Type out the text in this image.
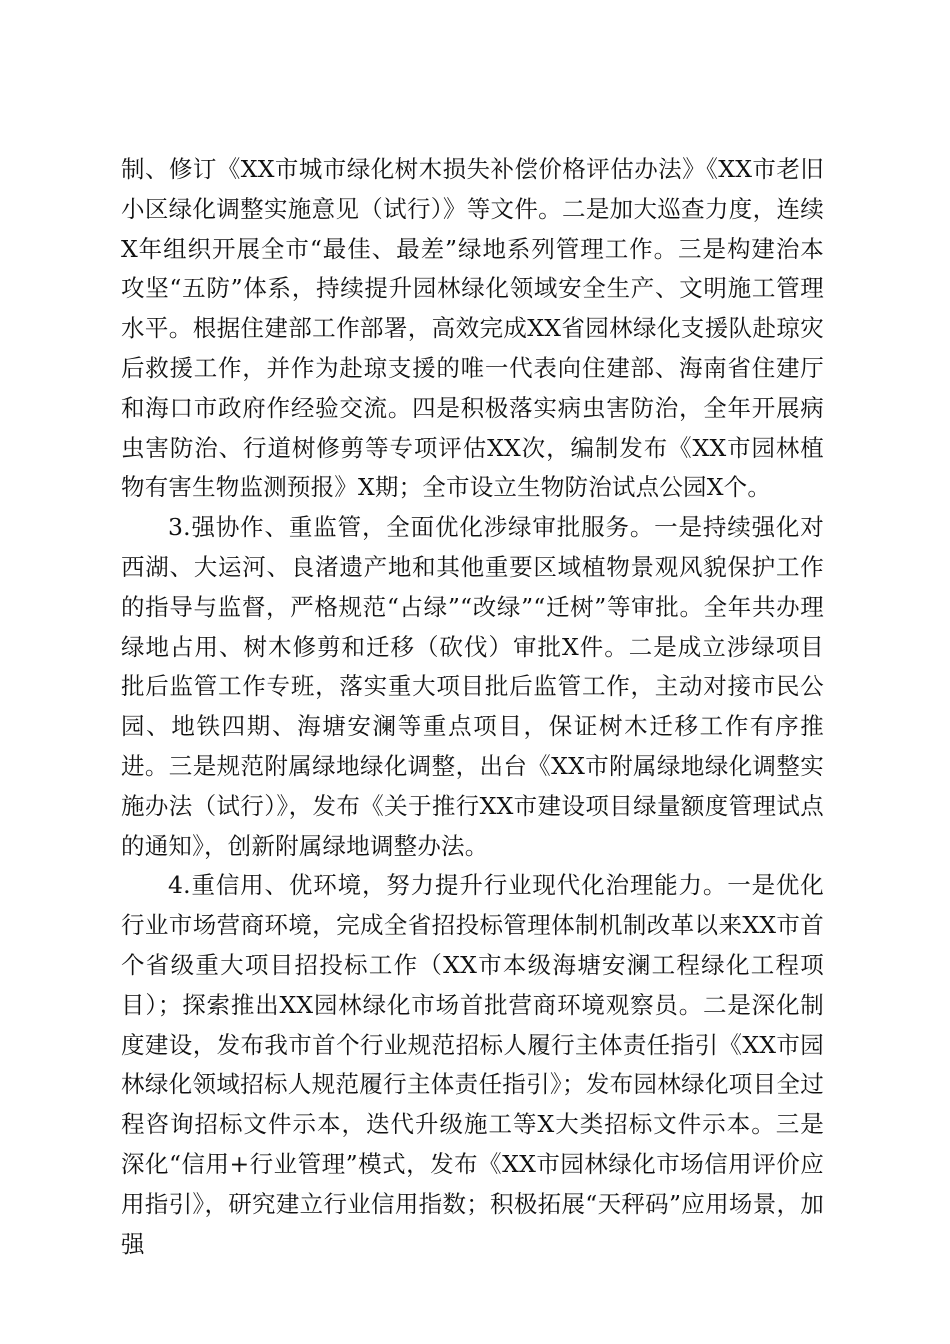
制、修订《XX市城市绿化树木损失补偿价格评估办法》《XX市老旧小区绿化调整实施意见（试行）》等文件。二是加大巡查力度，连续X年组织开展全市“最佳、最差”绿地系列管理工作。三是构建治本攻坚“五防”体系，持续提升园林绿化领域安全生产、文明施工管理水平。根据住建部工作部署，高效完成XX省园林绿化支援队赴琼灾后救援工作，并作为赴琼支援的唯一代表向住建部、海南省住建厅和海口市政府作经验交流。四是积极落实病虫害防治，全年开展病虫害防治、行道树修剪等专项评估XX次，编制发布《XX市园林植物有害生物监测预报》X期；全市设立生物防治试点公园X个。

3.强协作、重监管，全面优化涉绿审批服务。一是持续强化对西湖、大运河、良渚遗产地和其他重要区域植物景观风貌保护工作的指导与监督，严格规范“占绿”“改绿”“迁树”等审批。全年共办理绿地占用、树木修剪和迁移（砍伐）审批X件。二是成立涉绿项目批后监管工作专班，落实重大项目批后监管工作，主动对接市民公园、地铁四期、海塘安澜等重点项目，保证树木迁移工作有序推进。三是规范附属绿地绿化调整，出台《XX市附属绿地绿化调整实施办法（试行）》，发布《关于推行XX市建设项目绿量额度管理试点的通知》，创新附属绿地调整办法。

4.重信用、优环境，努力提升行业现代化治理能力。一是优化行业市场营商环境，完成全省招投标管理体制机制改革以来XX市首个省级重大项目招投标工作（XX市本级海塘安澜工程绿化工程项目）；探索推出XX园林绿化市场首批营商环境观察员。二是深化制度建设，发布我市首个行业规范招标人履行主体责任指引《XX市园林绿化领域招标人规范履行主体责任指引》；发布园林绿化项目全过程咨询招标文件示本，迭代升级施工等X大类招标文件示本。三是深化“信用+行业管理”模式，发布《XX市园林绿化市场信用评价应用指引》，研究建立行业信用指数；积极拓展“天秤码”应用场景，加强
